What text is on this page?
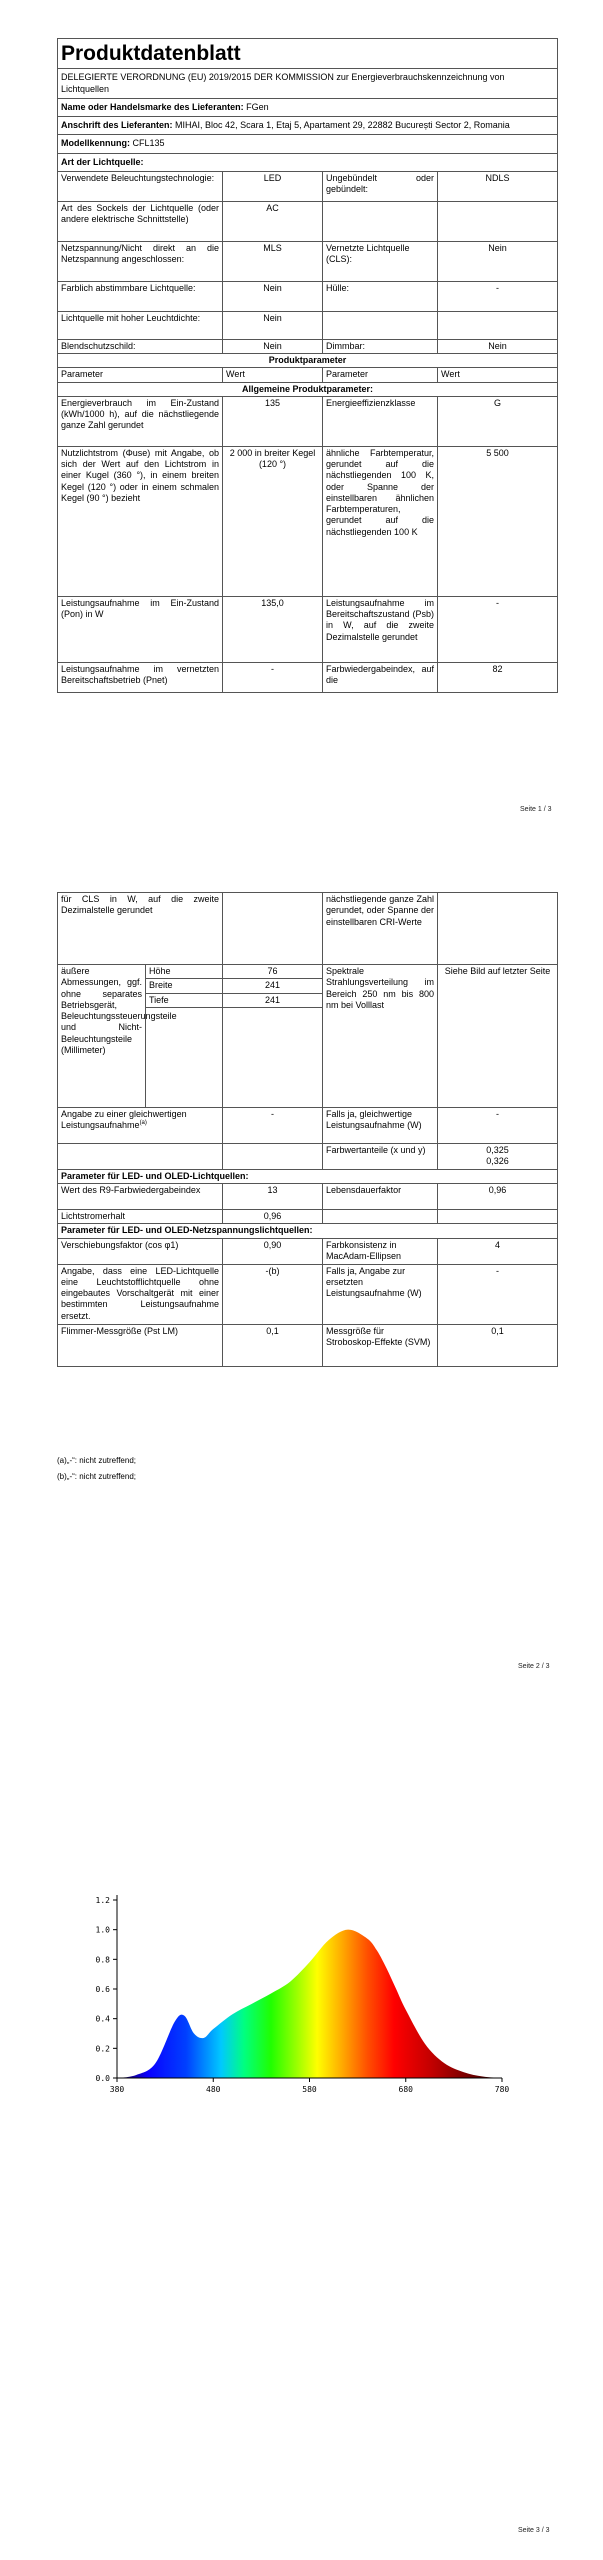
Produktdatenblatt			
DELEGIERTE VERORDNUNG (EU) 2019/2015 DER KOMMISSION zur Energieverbrauchskennzeichnung von Lichtquellen			
Name oder Handelsmarke des Lieferanten: FGen			
Anschrift des Lieferanten: MIHAI, Bloc 42, Scara 1, Etaj 5, Apartament 29, 22882 București Sector 2, Romania			
Modellkennung: CFL135			
Art der Lichtquelle:			
Verwendete Beleuchtungstechnologie:	LED	Ungebündelt oder gebündelt:	NDLS
Art des Sockels der Lichtquelle (oder andere elektrische Schnittstelle)	AC		
Netzspannung/Nicht direkt an die Netzspannung angeschlossen:	MLS	Vernetzte Lichtquelle (CLS):	Nein
Farblich abstimmbare Lichtquelle:	Nein	Hülle:	-
Lichtquelle mit hoher Leuchtdichte:	Nein		
Blendschutzschild:	Nein	Dimmbar:	Nein
Produktparameter			
Parameter	Wert	Parameter	Wert
Allgemeine Produktparameter:			
Energieverbrauch im Ein-Zustand (kWh/1000 h), auf die nächstliegende ganze Zahl gerundet	135	Energieeffizienzklasse	G
Nutzlichtstrom (Φuse) mit Angabe, ob sich der Wert auf den Lichtstrom in einer Kugel (360 °), in einem breiten Kegel (120 °) oder in einem schmalen Kegel (90 °) bezieht	2 000 in breiter Kegel (120 °)	ähnliche Farbtemperatur, gerundet auf die nächstliegenden 100 K, oder Spanne der einstellbaren ähnlichen Farbtemperaturen, gerundet auf die nächstliegenden 100 K	5 500
Leistungsaufnahme im Ein-Zustand (Pon) in W	135,0	Leistungsaufnahme im Bereitschaftszustand (Psb) in W, auf die zweite Dezimalstelle gerundet	-
Leistungsaufnahme im vernetzten Bereitschaftsbetrieb (Pnet)	-	Farbwiedergabeindex, auf die	82
Seite 1 / 3
für CLS in W, auf die zweite Dezimalstelle gerundet			nächstliegende ganze Zahl gerundet, oder Spanne der einstellbaren CRI-Werte	
äußere Abmessungen, ggf. ohne separates Betriebsgerät, Beleuchtungssteuerungsteile und Nicht-Beleuchtungsteile (Millimeter)	Höhe	76	Spektrale Strahlungsverteilung im Bereich 250 nm bis 800 nm bei Volllast	Siehe Bild auf letzter Seite
	Breite	241		
	Tiefe	241		

Angabe zu einer gleichwertigen Leistungsaufnahme$^{(a)}$		-	Falls ja, gleichwertige Leistungsaufnahme (W)	-
			Farbwertanteile (x und y)	0,325
0,326

Parameter für LED- und OLED-Lichtquellen:				
Wert des R9-Farbwiedergabeindex		13	Lebensdauerfaktor	0,96
Lichtstromerhalt		0,96		
Parameter für LED- und OLED-Netzspannungslichtquellen:				
Verschiebungsfaktor (cos φ1)		0,90	Farbkonsistenz in MacAdam-Ellipsen	4
Angabe, dass eine LED-Lichtquelle eine Leuchtstofflichtquelle ohne eingebautes Vorschaltgerät mit einer bestimmten Leistungsaufnahme ersetzt.		-(b)	Falls ja, Angabe zur ersetzten Leistungsaufnahme (W)	-
Flimmer-Messgröße (Pst LM)		0,1	Messgröße für Stroboskop-Effekte (SVM)	0,1
(a)„-“: nicht zutreffend;
(b)„-“: nicht zutreffend;
Seite 2 / 3
0.0
0.2
0.4
0.6
0.8
1.0
1.2
380	480	580	680	780
Seite 3 / 3
